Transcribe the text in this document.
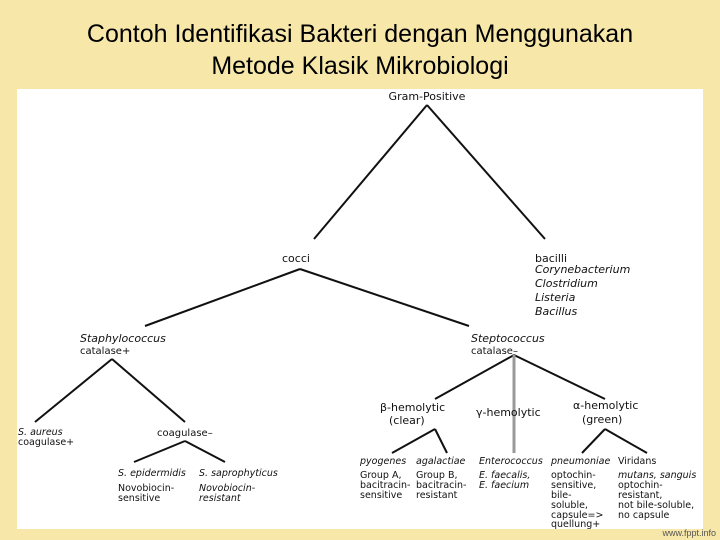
Contoh Identifikasi Bakteri dengan Menggunakan
Metode Klasik Mikrobiologi
Gram-Positive
cocci	bacilli
Corynebacterium
Clostridium
Listeria
Bacillus
Staphylococcus
catalase+
Steptococcus
catalase–
S. aureus
coagulase+
coagulase–
S. epidermidis
Novobiocin-
sensitive
S. saprophyticus
Novobiocin-
resistant
β-hemolytic
(clear)
γ-hemolytic
α-hemolytic
(green)
pyogenes
Group A,
bacitracin-
sensitive
agalactiae
Group B,
bacitracin-
resistant
Enterococcus
E. faecalis,
E. faecium
pneumoniae
optochin-
sensitive,
bile-
soluble,
capsule=>
quellung+
Viridans
mutans, sanguis
optochin-
resistant,
not bile-soluble,
no capsule
www.fppt.info
